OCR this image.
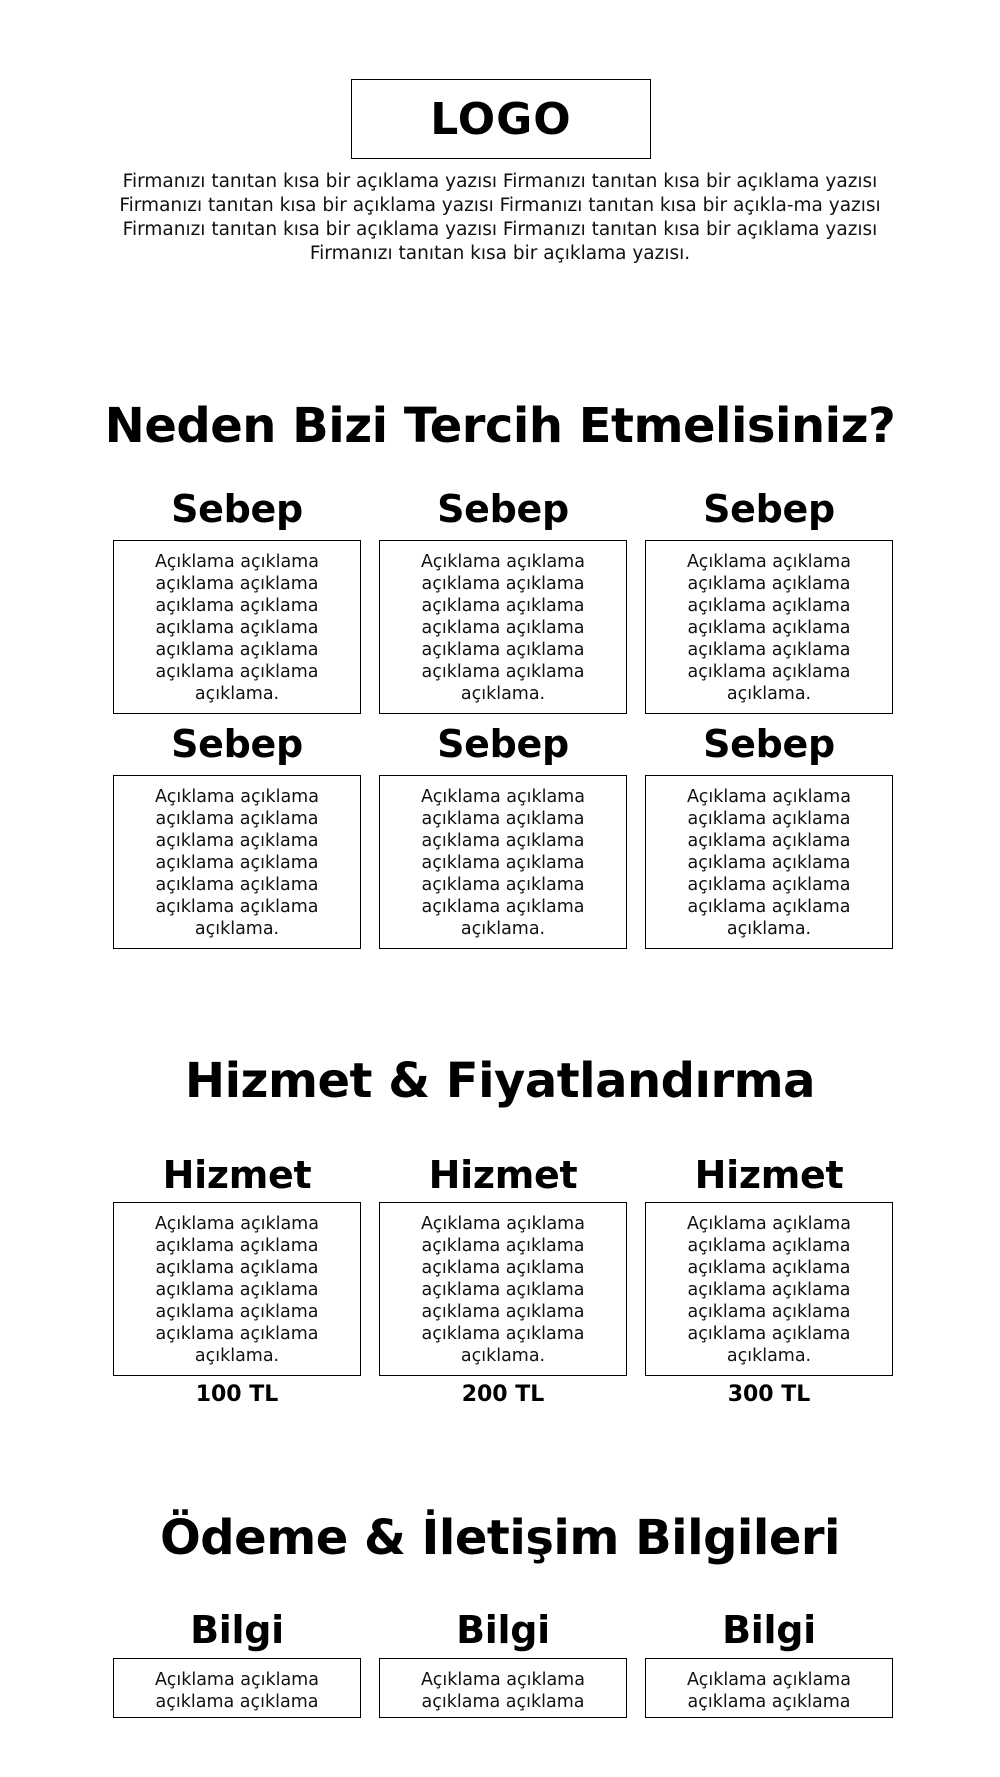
LOGO

Firmanızı tanıtan kısa bir açıklama yazısı Firmanızı tanıtan kısa bir açıklama yazısı Firmanızı tanıtan kısa bir açıklama yazısı Firmanızı tanıtan kısa bir açıkla-ma yazısı Firmanızı tanıtan kısa bir açıklama yazısı Firmanızı tanıtan kısa bir açıklama yazısı Firmanızı tanıtan kısa bir açıklama yazısı.

Neden Bizi Tercih Etmelisiniz?
Sebep

Açıklama açıklama açıklama açıklama açıklama açıklama açıklama açıklama açıklama açıklama açıklama açıklama açıklama.

Sebep

Açıklama açıklama açıklama açıklama açıklama açıklama açıklama açıklama açıklama açıklama açıklama açıklama açıklama.

Sebep

Açıklama açıklama açıklama açıklama açıklama açıklama açıklama açıklama açıklama açıklama açıklama açıklama açıklama.

Sebep

Açıklama açıklama açıklama açıklama açıklama açıklama açıklama açıklama açıklama açıklama açıklama açıklama açıklama.

Sebep

Açıklama açıklama açıklama açıklama açıklama açıklama açıklama açıklama açıklama açıklama açıklama açıklama açıklama.

Sebep

Açıklama açıklama açıklama açıklama açıklama açıklama açıklama açıklama açıklama açıklama açıklama açıklama açıklama.

Hizmet & Fiyatlandırma
Hizmet

Açıklama açıklama açıklama açıklama açıklama açıklama açıklama açıklama açıklama açıklama açıklama açıklama açıklama.

100 TL
Hizmet

Açıklama açıklama açıklama açıklama açıklama açıklama açıklama açıklama açıklama açıklama açıklama açıklama açıklama.

200 TL
Hizmet

Açıklama açıklama açıklama açıklama açıklama açıklama açıklama açıklama açıklama açıklama açıklama açıklama açıklama.

300 TL
Ödeme & İletişim Bilgileri
Bilgi

Açıklama açıklama açıklama açıklama

Bilgi

Açıklama açıklama açıklama açıklama

Bilgi

Açıklama açıklama açıklama açıklama
